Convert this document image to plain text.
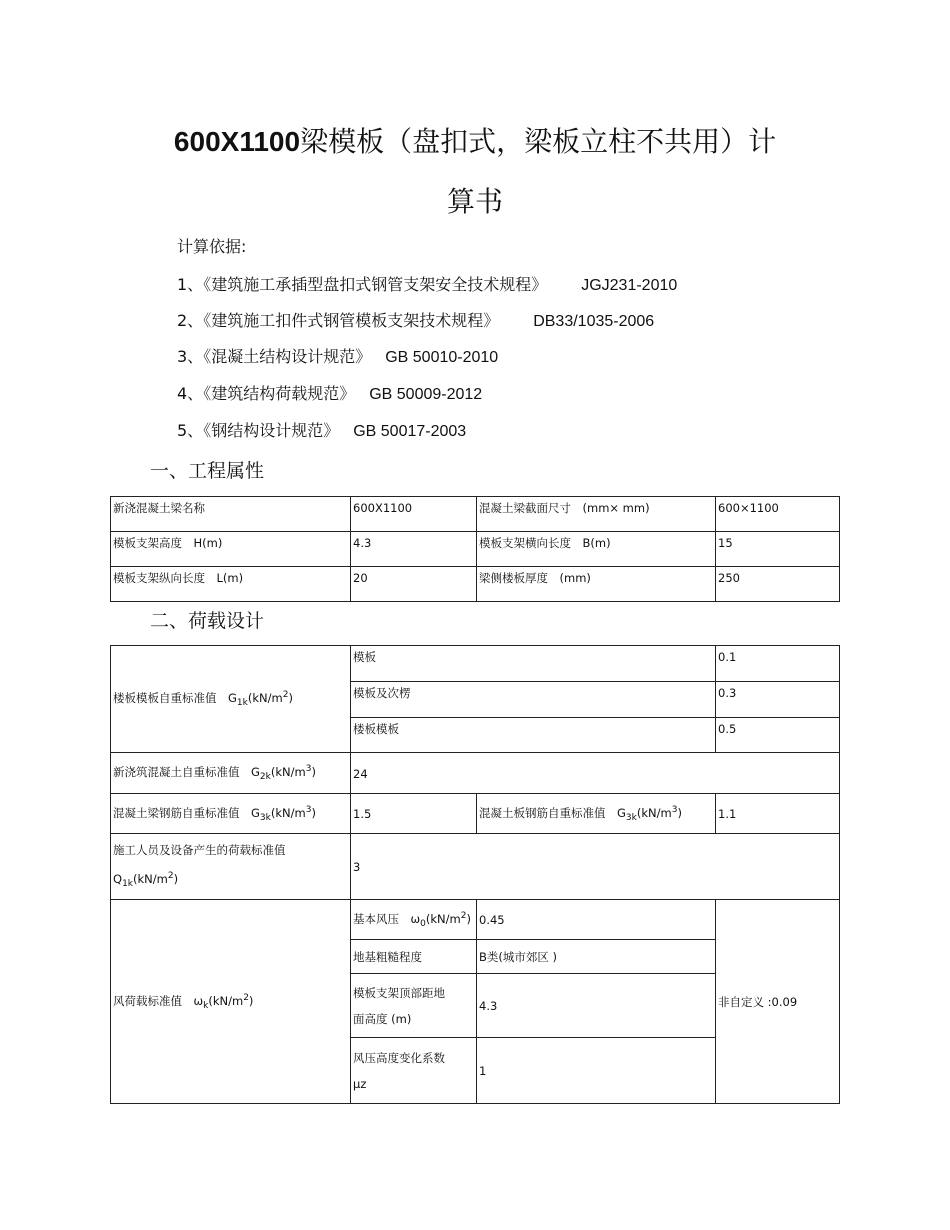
600X1100梁模板（盘扣式，梁板立柱不共用）计
算书
计算依据:
1、《建筑施工承插型盘扣式钢管支架安全技术规程》 JGJ231-2010
2、《建筑施工扣件式钢管模板支架技术规程》 DB33/1035-2006
3、《混凝土结构设计规范》 GB 50010-2010
4、《建筑结构荷载规范》 GB 50009-2012
5、《钢结构设计规范》 GB 50017-2003
一、工程属性
新浇混凝土梁名称	600X1100	混凝土梁截面尺寸　(mm× mm)	600×1100
模板支架高度　H(m)	4.3	模板支架横向长度　B(m)	15
模板支架纵向长度　L(m)	20	梁侧楼板厚度　(mm)	250
二、荷载设计
楼板模板自重标准值　$G_{1k}(kN/m^2)$	模板		0.1
	模板及次楞		0.3
	楼板模板		0.5
新浇筑混凝土自重标准值　$G_{2k}(kN/m^3)$	24		
混凝土梁钢筋自重标准值　$G_{3k}(kN/m^3)$	1.5	混凝土板钢筋自重标准值　$G_{3k}(kN/m^3)$	1.1

施工人员及设备产生的荷载标准值
$Q_{1k}(kN/m^2)$	3		
风荷载标准值　$\omega_k(kN/m^2)$	基本风压　$\omega_0(kN/m^2)$	0.45	非自定义 :0.09
	地基粗糙程度	B类(城市郊区 )	

	模板支架顶部距地
面高度 (m)	4.3	

	风压高度变化系数
μz	1	
